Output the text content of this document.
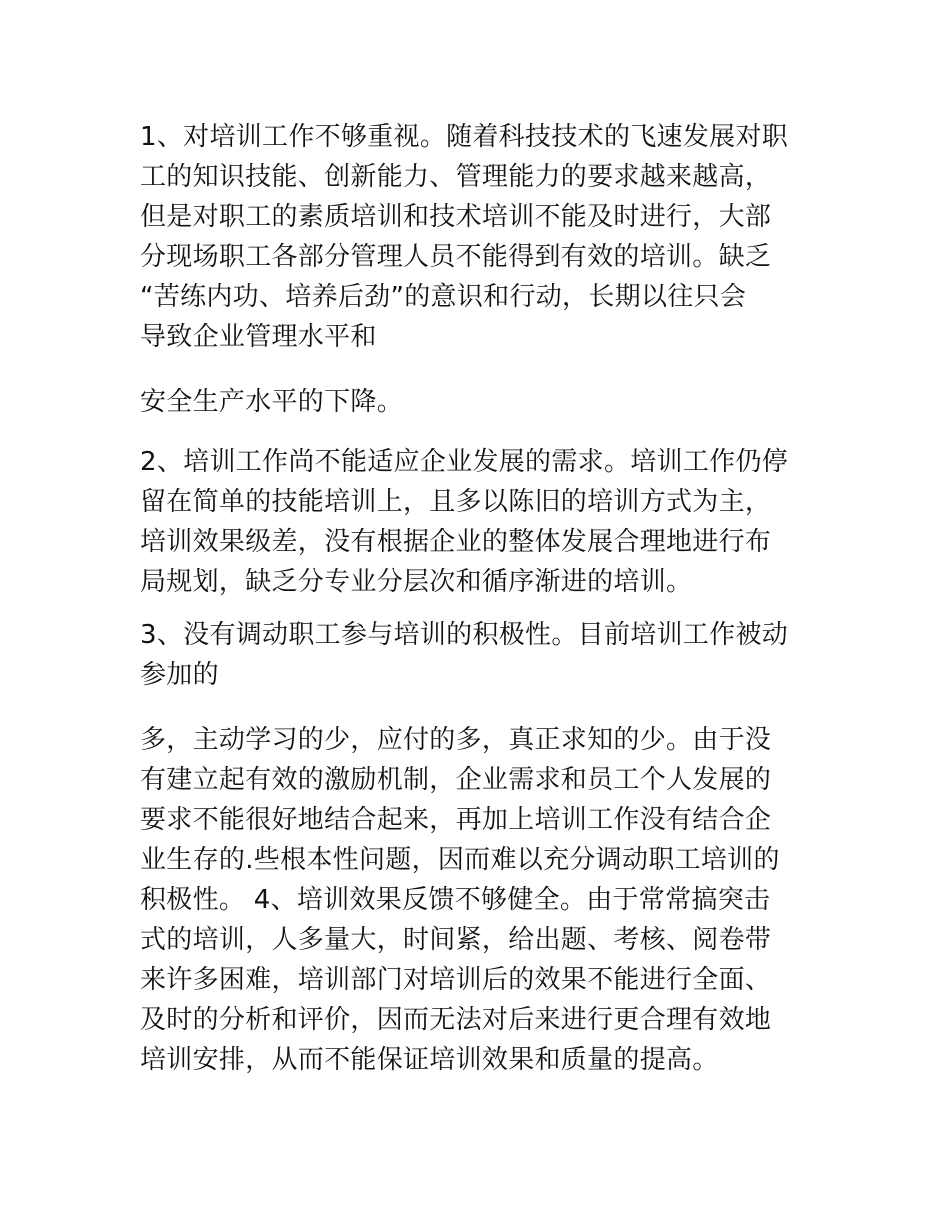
1、对培训工作不够重视。随着科技技术的飞速发展对职
工的知识技能、创新能力、管理能力的要求越来越高，
但是对职工的素质培训和技术培训不能及时进行，大部
分现场职工各部分管理人员不能得到有效的培训。缺乏
“苦练内功、培养后劲”的意识和行动，长期以往只会
导致企业管理水平和

安全生产水平的下降。

2、培训工作尚不能适应企业发展的需求。培训工作仍停
留在简单的技能培训上，且多以陈旧的培训方式为主，
培训效果级差，没有根据企业的整体发展合理地进行布
局规划，缺乏分专业分层次和循序渐进的培训。

3、没有调动职工参与培训的积极性。目前培训工作被动
参加的

多，主动学习的少，应付的多，真正求知的少。由于没
有建立起有效的激励机制，企业需求和员工个人发展的
要求不能很好地结合起来，再加上培训工作没有结合企
业生存的.些根本性问题，因而难以充分调动职工培训的
积极性。 4、培训效果反馈不够健全。由于常常搞突击
式的培训，人多量大，时间紧，给出题、考核、阅卷带
来许多困难，培训部门对培训后的效果不能进行全面、
及时的分析和评价，因而无法对后来进行更合理有效地
培训安排，从而不能保证培训效果和质量的提高。
